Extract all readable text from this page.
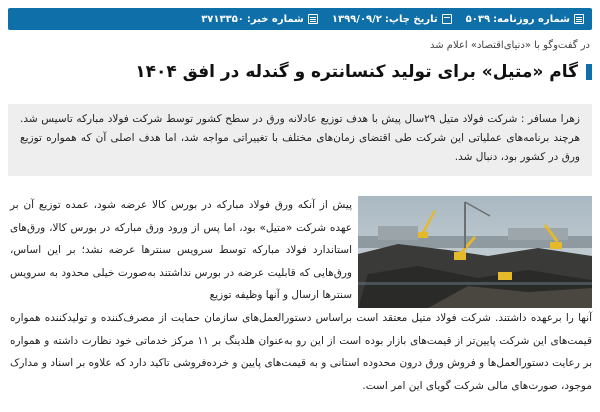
شماره روزنامه:
۵۰۳۹
تاریخ چاپ:
۱۳۹۹/۰۹/۲
شماره خبر:
۳۷۱۳۳۵۰
در گفت‌وگو با «دنیای‌اقتصاد» اعلام شد
گام «متیل» برای تولید کنسانتره و گندله در افق ۱۴۰۴

زهرا مسافر : شرکت فولاد متیل ۲۹سال پیش با هدف توزیع عادلانه ورق در سطح کشور توسط شرکت فولاد مبارکه تاسیس شد. هرچند برنامه‌های عملیاتی این شرکت طی اقتضای زمان‌های مختلف با تغییراتی مواجه شد، اما هدف اصلی آن که همواره توزیع ورق در کشور بود، دنبال شد.

پیش از آنکه ورق فولاد مبارکه در بورس کالا عرضه شود، عمده توزیع آن بر عهده شرکت «متیل» بود، اما پس از ورود ورق مبارکه در بورس کالا، ورق‌های استاندارد فولاد مبارکه توسط سرویس سنترها عرضه نشد؛ بر این اساس، ورق‌هایی که قابلیت عرضه در بورس نداشتند به‌صورت خیلی محدود به سرویس سنترها ارسال و آنها وظیفه توزیع

آنها را برعهده داشتند. شرکت فولاد متیل معتقد است براساس دستورالعمل‌های سازمان حمایت از مصرف‌کننده و تولیدکننده همواره قیمت‌های این شرکت پایین‌تر از قیمت‌های بازار بوده است از این رو به‌عنوان هلدینگ بر ۱۱ مرکز خدماتی خود نظارت داشته و همواره بر رعایت دستورالعمل‌ها و فروش ورق درون محدوده استانی و به قیمت‌های پایین و خرده‌فروشی تاکید دارد که علاوه بر اسناد و مدارک موجود، صورت‌های مالی شرکت گویای این امر است.
